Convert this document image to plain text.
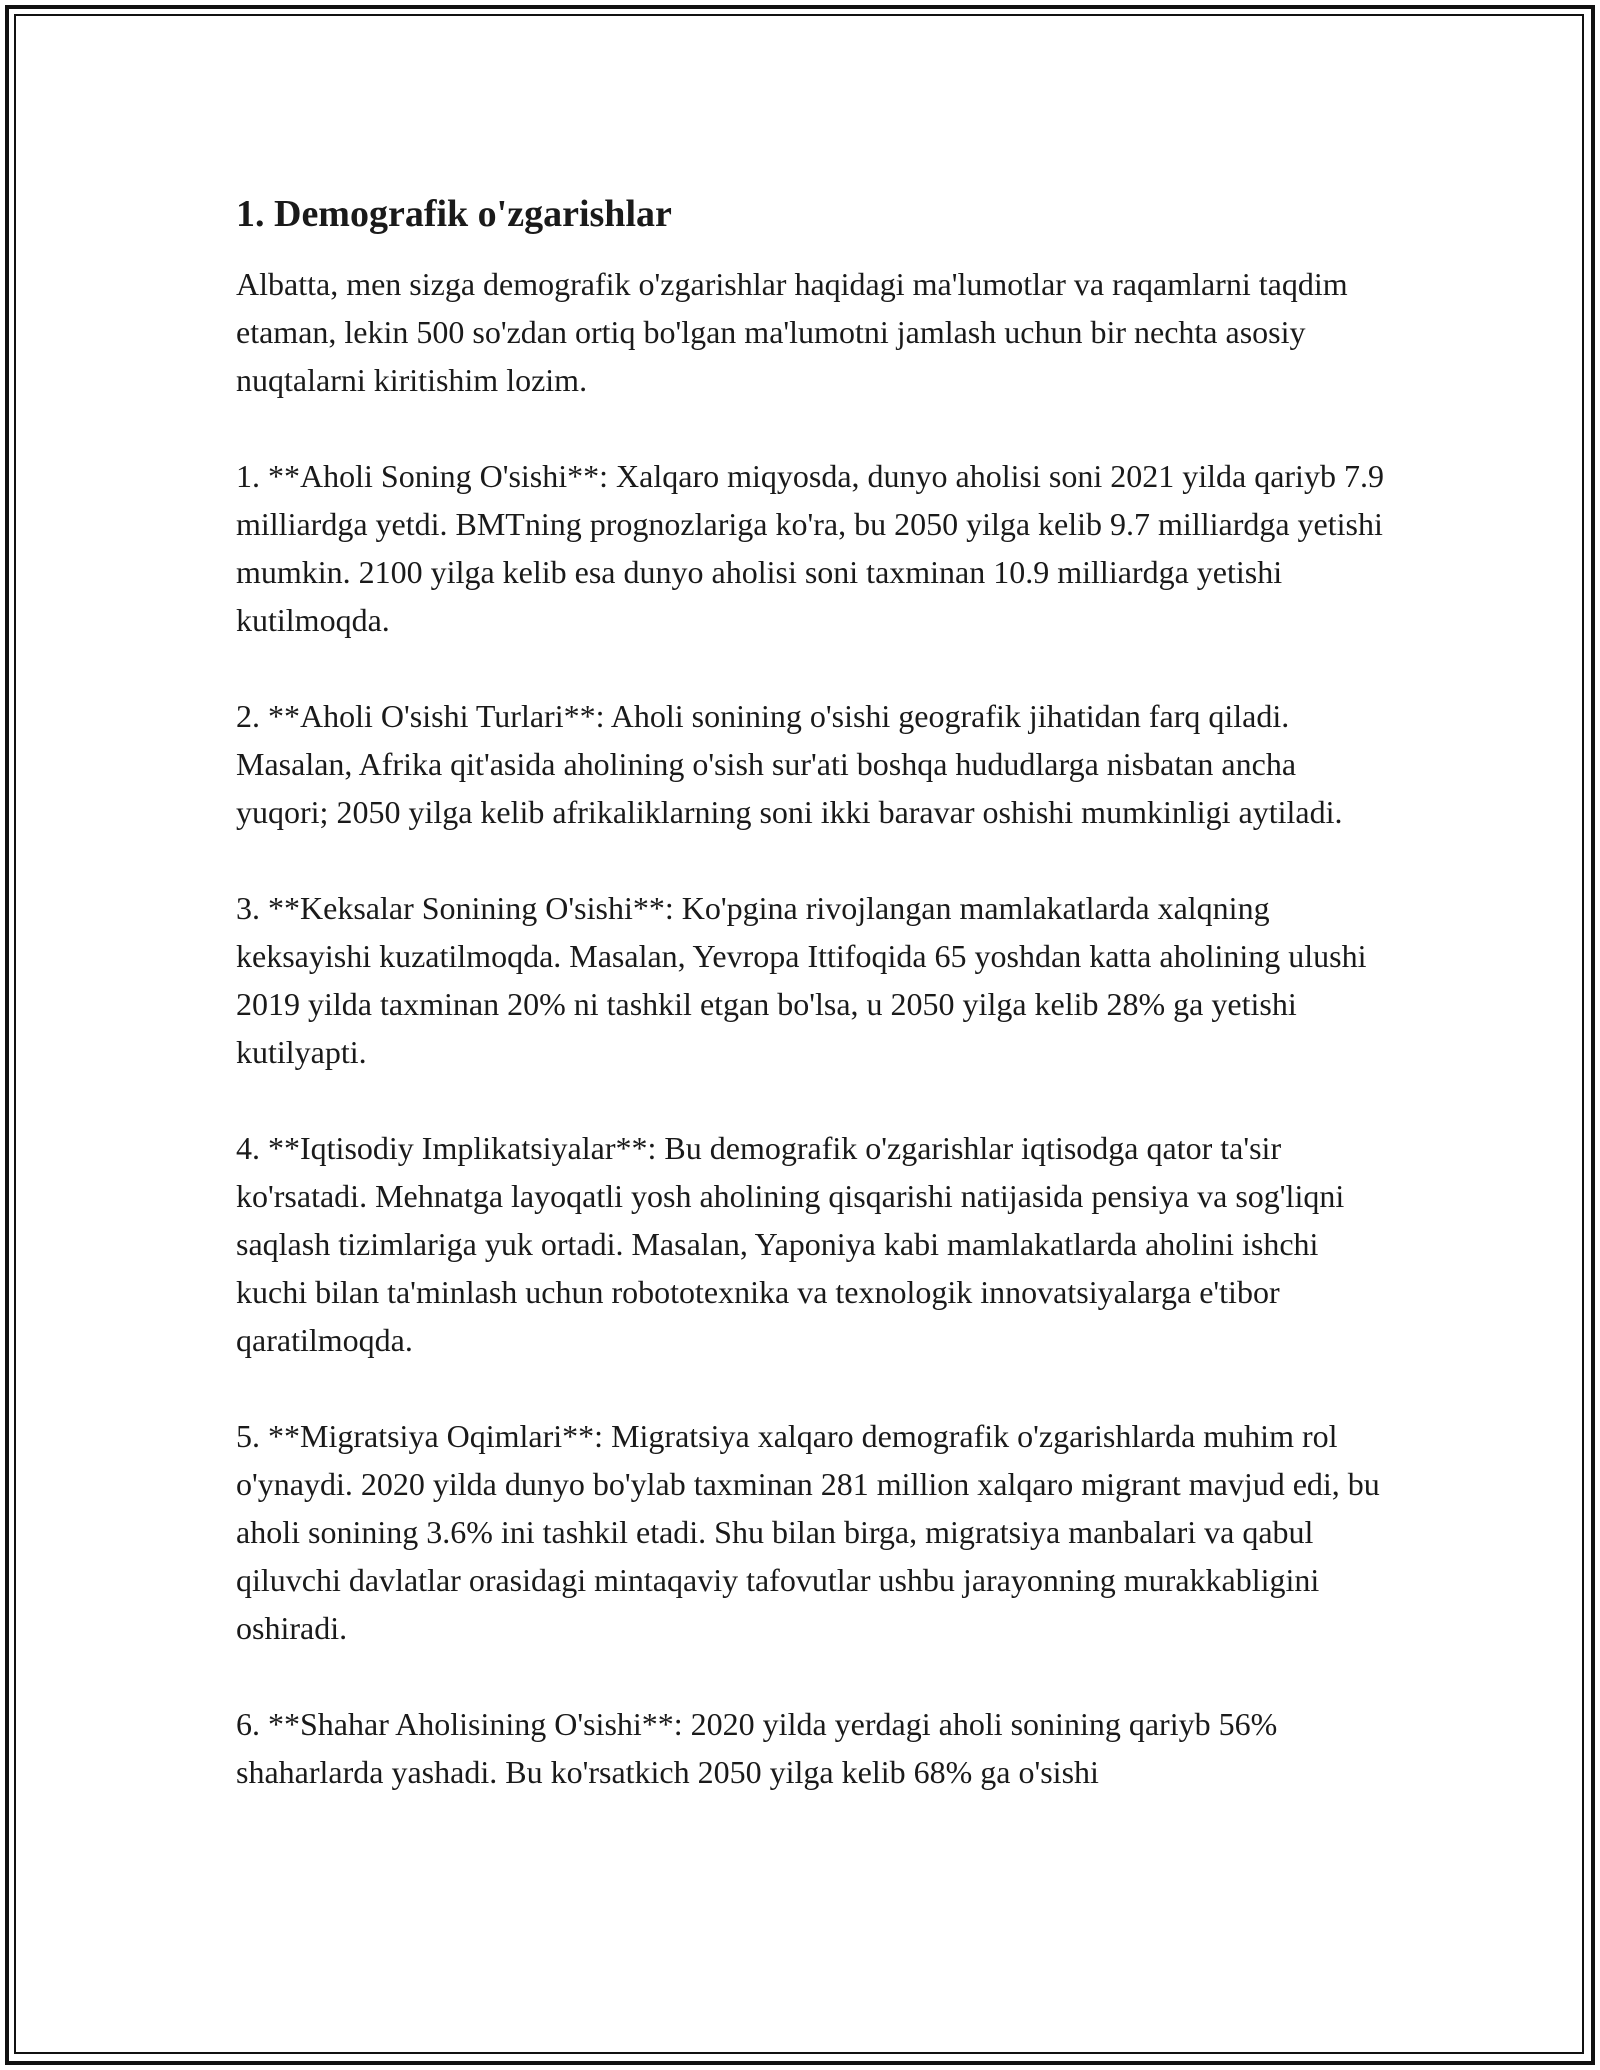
1. Demografik o'zgarishlar

Albatta, men sizga demografik o'zgarishlar haqidagi ma'lumotlar va raqamlarni taqdim etaman, lekin 500 so'zdan ortiq bo'lgan ma'lumotni jamlash uchun bir nechta asosiy nuqtalarni kiritishim lozim.

1. **Aholi Soning O'sishi**: Xalqaro miqyosda, dunyo aholisi soni 2021 yilda qariyb 7.9 milliardga yetdi. BMTning prognozlariga ko'ra, bu 2050 yilga kelib 9.7 milliardga yetishi mumkin. 2100 yilga kelib esa dunyo aholisi soni taxminan 10.9 milliardga yetishi kutilmoqda.

2. **Aholi O'sishi Turlari**: Aholi sonining o'sishi geografik jihatidan farq qiladi. Masalan, Afrika qit'asida aholining o'sish sur'ati boshqa hududlarga nisbatan ancha yuqori; 2050 yilga kelib afrikaliklarning soni ikki baravar oshishi mumkinligi aytiladi.

3. **Keksalar Sonining O'sishi**: Ko'pgina rivojlangan mamlakatlarda xalqning keksayishi kuzatilmoqda. Masalan, Yevropa Ittifoqida 65 yoshdan katta aholining ulushi 2019 yilda taxminan 20% ni tashkil etgan bo'lsa, u 2050 yilga kelib 28% ga yetishi kutilyapti.

4. **Iqtisodiy Implikatsiyalar**: Bu demografik o'zgarishlar iqtisodga qator ta'sir ko'rsatadi. Mehnatga layoqatli yosh aholining qisqarishi natijasida pensiya va sog'liqni saqlash tizimlariga yuk ortadi. Masalan, Yaponiya kabi mamlakatlarda aholini ishchi kuchi bilan ta'minlash uchun robototexnika va texnologik innovatsiyalarga e'tibor qaratilmoqda.

5. **Migratsiya Oqimlari**: Migratsiya xalqaro demografik o'zgarishlarda muhim rol o'ynaydi. 2020 yilda dunyo bo'ylab taxminan 281 million xalqaro migrant mavjud edi, bu aholi sonining 3.6% ini tashkil etadi. Shu bilan birga, migratsiya manbalari va qabul qiluvchi davlatlar orasidagi mintaqaviy tafovutlar ushbu jarayonning murakkabligini oshiradi.

6. **Shahar Aholisining O'sishi**: 2020 yilda yerdagi aholi sonining qariyb 56% shaharlarda yashadi. Bu ko'rsatkich 2050 yilga kelib 68% ga o'sishi
